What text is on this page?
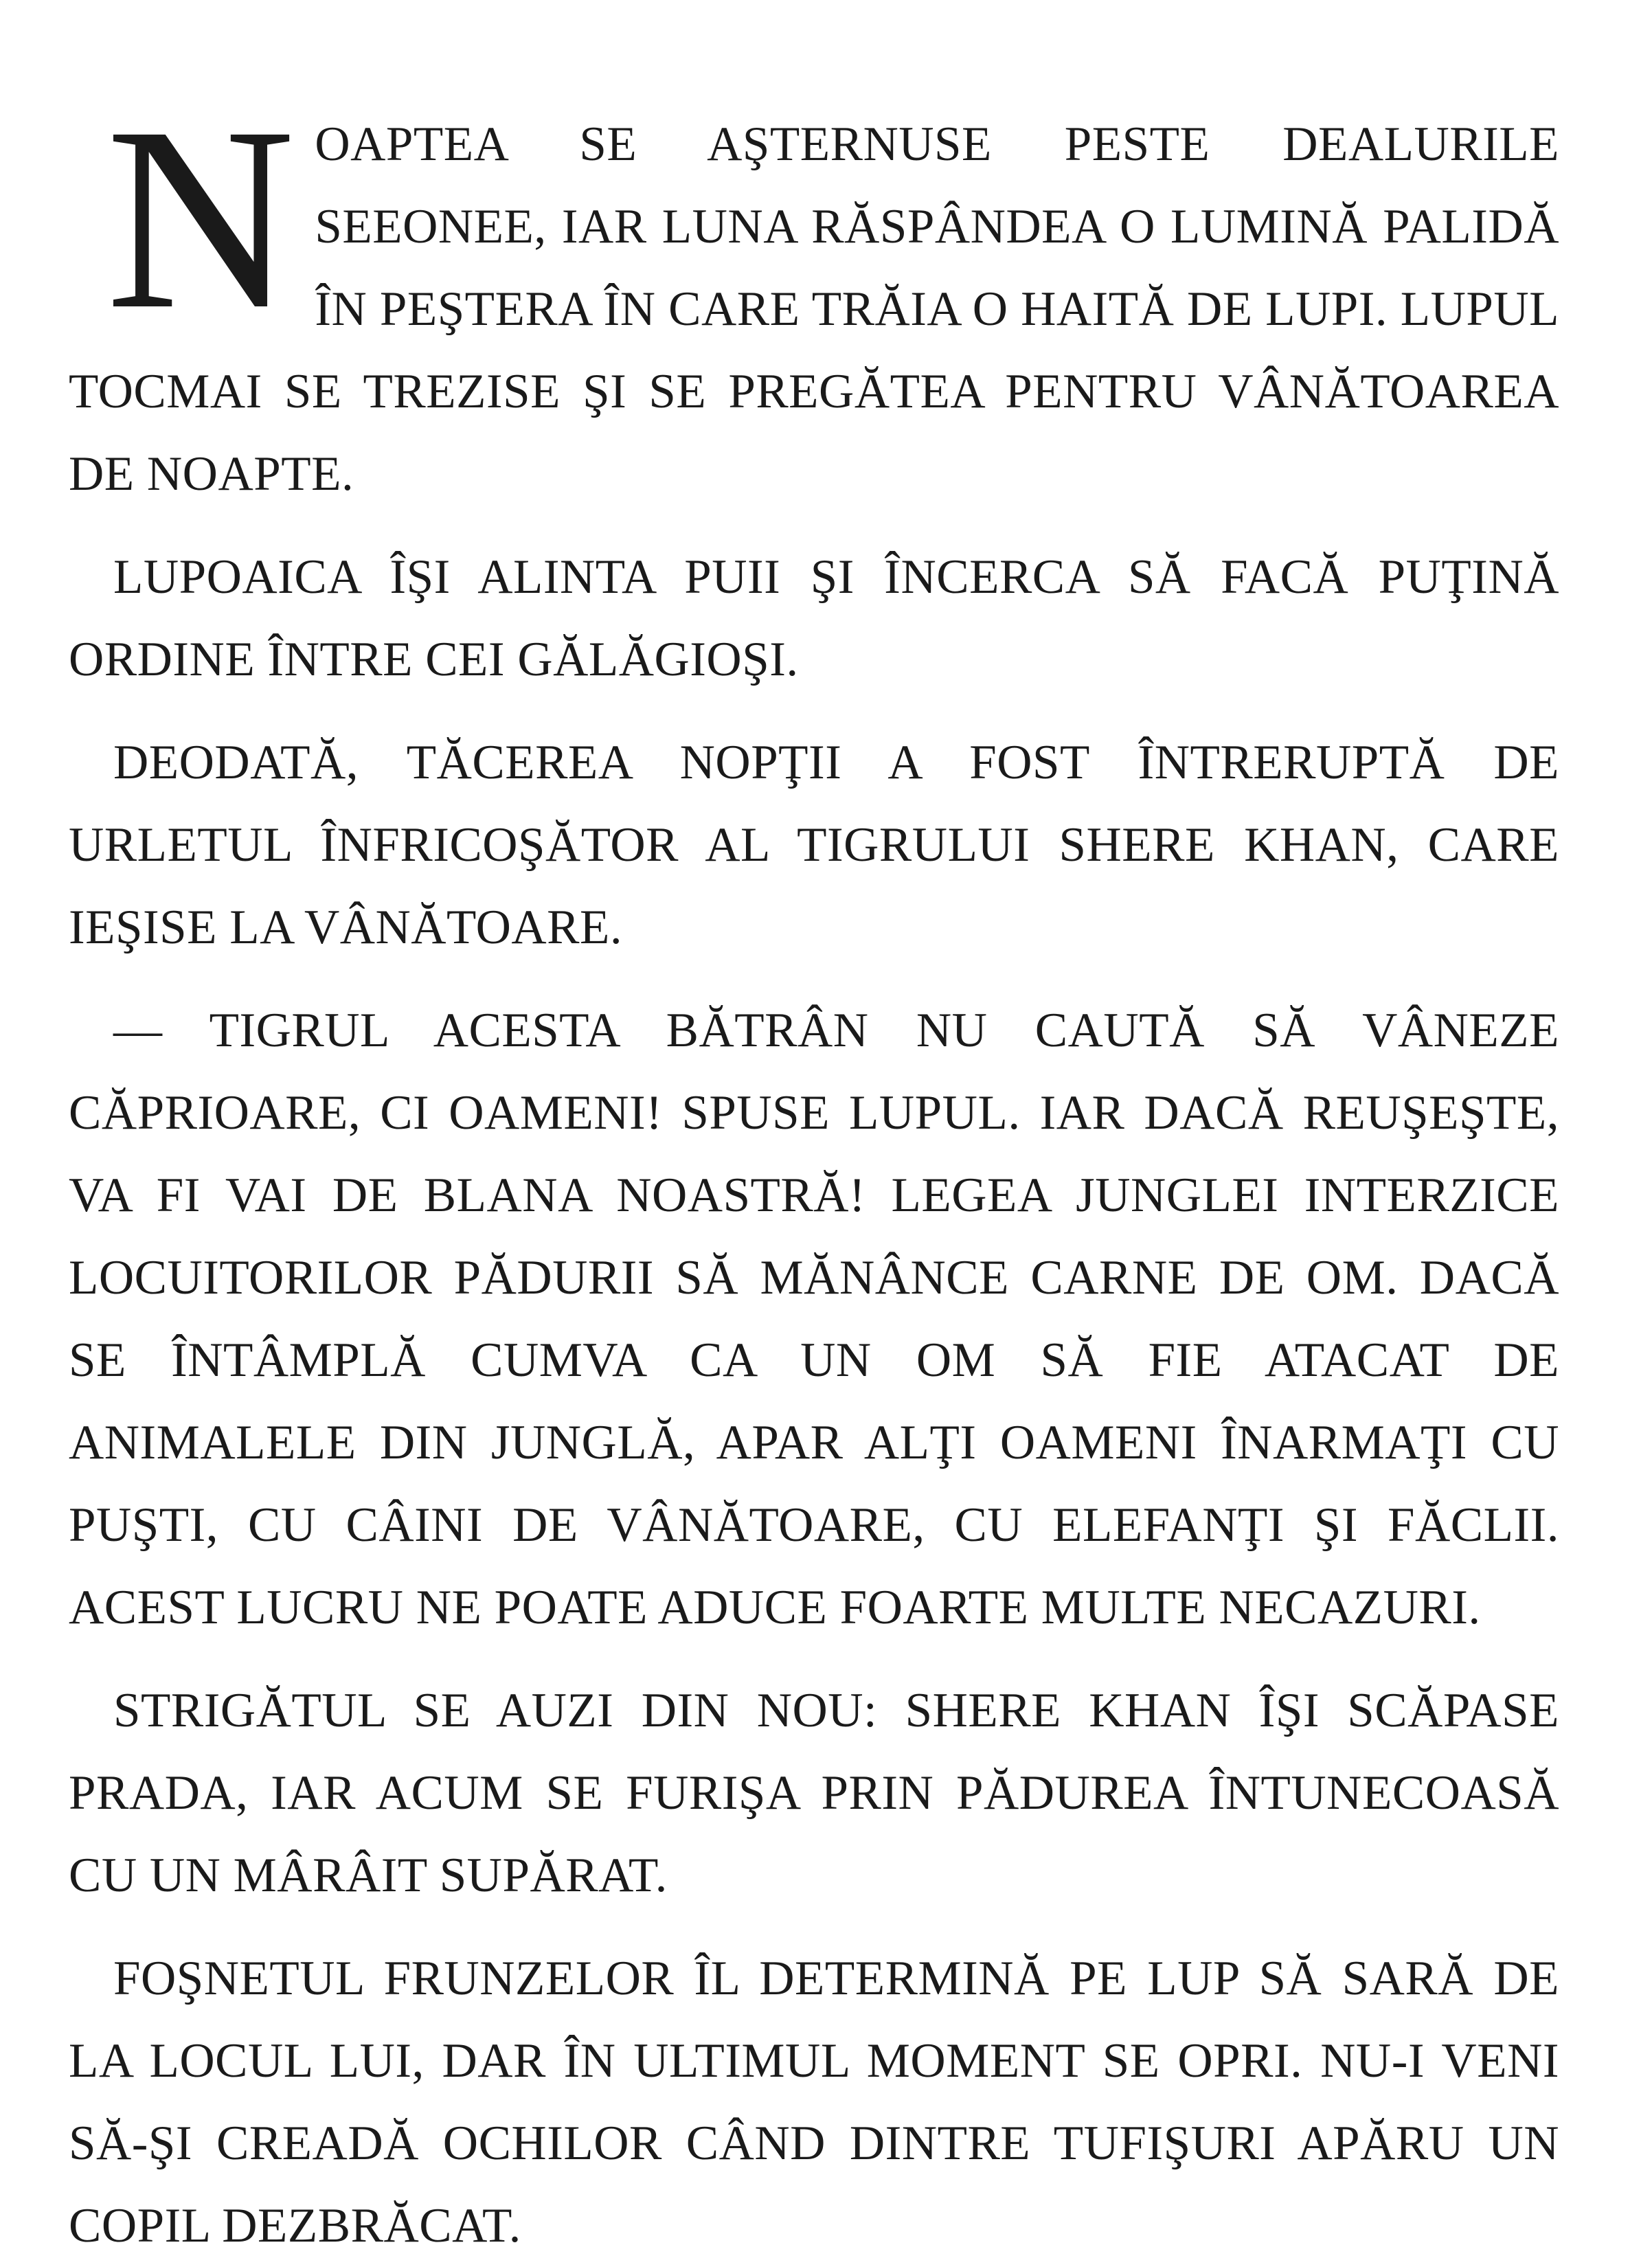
NOAPTEA SE AŞTERNUSE PESTE DEALURILE SEEONEE, IAR LUNA RĂSPÂNDEA O LUMINĂ PALIDĂ ÎN PEŞTERA ÎN CARE TRĂIA O HAITĂ DE LUPI. LUPUL TOCMAI SE TREZISE ŞI SE PREGĂTEA PENTRU VÂNĂTOAREA DE NOAPTE.

LUPOAICA ÎŞI ALINTA PUII ŞI ÎNCERCA SĂ FACĂ PUŢINĂ ORDINE ÎNTRE CEI GĂLĂGIOŞI.

DEODATĂ, TĂCEREA NOPŢII A FOST ÎNTRERUPTĂ DE URLETUL ÎNFRICOŞĂTOR AL TIGRULUI SHERE KHAN, CARE IEŞISE LA VÂNĂTOARE.

— TIGRUL ACESTA BĂTRÂN NU CAUTĂ SĂ VÂNEZE CĂPRIOARE, CI OAMENI! SPUSE LUPUL. IAR DACĂ REUŞEŞTE, VA FI VAI DE BLANA NOASTRĂ! LEGEA JUNGLEI INTERZICE LOCUITORILOR PĂDURII SĂ MĂNÂNCE CARNE DE OM. DACĂ SE ÎNTÂMPLĂ CUMVA CA UN OM SĂ FIE ATACAT DE ANIMALELE DIN JUNGLĂ, APAR ALŢI OAMENI ÎNARMAŢI CU PUŞTI, CU CÂINI DE VÂNĂTOARE, CU ELEFANŢI ŞI FĂCLII. ACEST LUCRU NE POATE ADUCE FOARTE MULTE NECAZURI.

STRIGĂTUL SE AUZI DIN NOU: SHERE KHAN ÎŞI SCĂPASE PRADA, IAR ACUM SE FURIŞA PRIN PĂDUREA ÎNTUNECOASĂ CU UN MÂRÂIT SUPĂRAT.

FOŞNETUL FRUNZELOR ÎL DETERMINĂ PE LUP SĂ SARĂ DE LA LOCUL LUI, DAR ÎN ULTIMUL MOMENT SE OPRI. NU-I VENI SĂ-ŞI CREADĂ OCHILOR CÂND DINTRE TUFIŞURI APĂRU UN COPIL DEZBRĂCAT.
